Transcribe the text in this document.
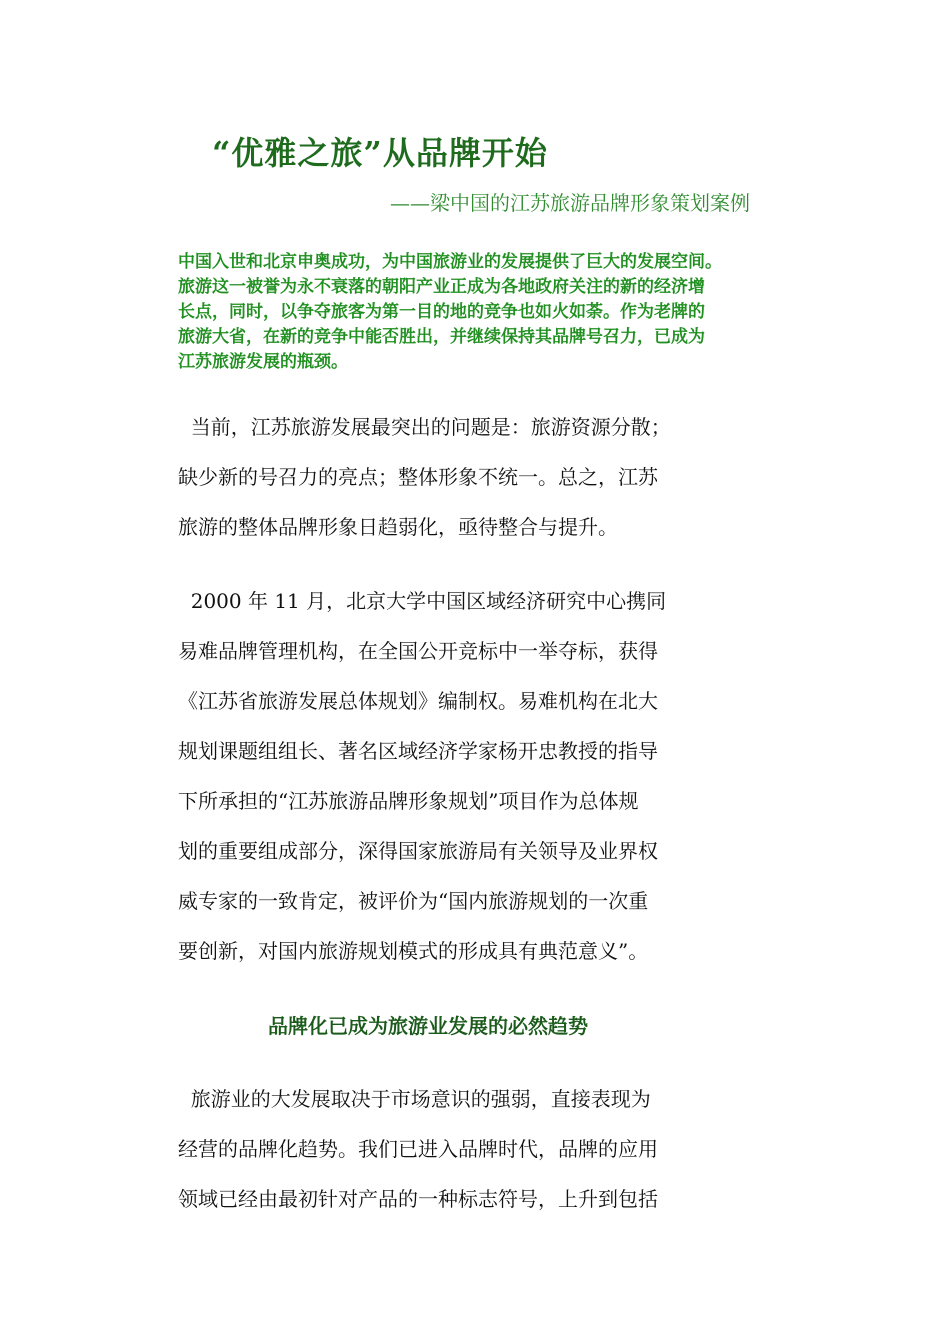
“优雅之旅”从品牌开始
——梁中国的江苏旅游品牌形象策划案例
中国入世和北京申奥成功，为中国旅游业的发展提供了巨大的发展空间。
旅游这一被誉为永不衰落的朝阳产业正成为各地政府关注的新的经济增
长点，同时，以争夺旅客为第一目的地的竞争也如火如荼。作为老牌的
旅游大省，在新的竞争中能否胜出，并继续保持其品牌号召力，已成为
江苏旅游发展的瓶颈。
当前，江苏旅游发展最突出的问题是：旅游资源分散；
缺少新的号召力的亮点；整体形象不统一。总之，江苏
旅游的整体品牌形象日趋弱化，亟待整合与提升。
2000 年 11 月，北京大学中国区域经济研究中心携同
易难品牌管理机构，在全国公开竞标中一举夺标，获得
《江苏省旅游发展总体规划》编制权。易难机构在北大
规划课题组组长、著名区域经济学家杨开忠教授的指导
下所承担的“江苏旅游品牌形象规划”项目作为总体规
划的重要组成部分，深得国家旅游局有关领导及业界权
威专家的一致肯定，被评价为“国内旅游规划的一次重
要创新，对国内旅游规划模式的形成具有典范意义”。
品牌化已成为旅游业发展的必然趋势
旅游业的大发展取决于市场意识的强弱，直接表现为
经营的品牌化趋势。我们已进入品牌时代，品牌的应用
领域已经由最初针对产品的一种标志符号，上升到包括
